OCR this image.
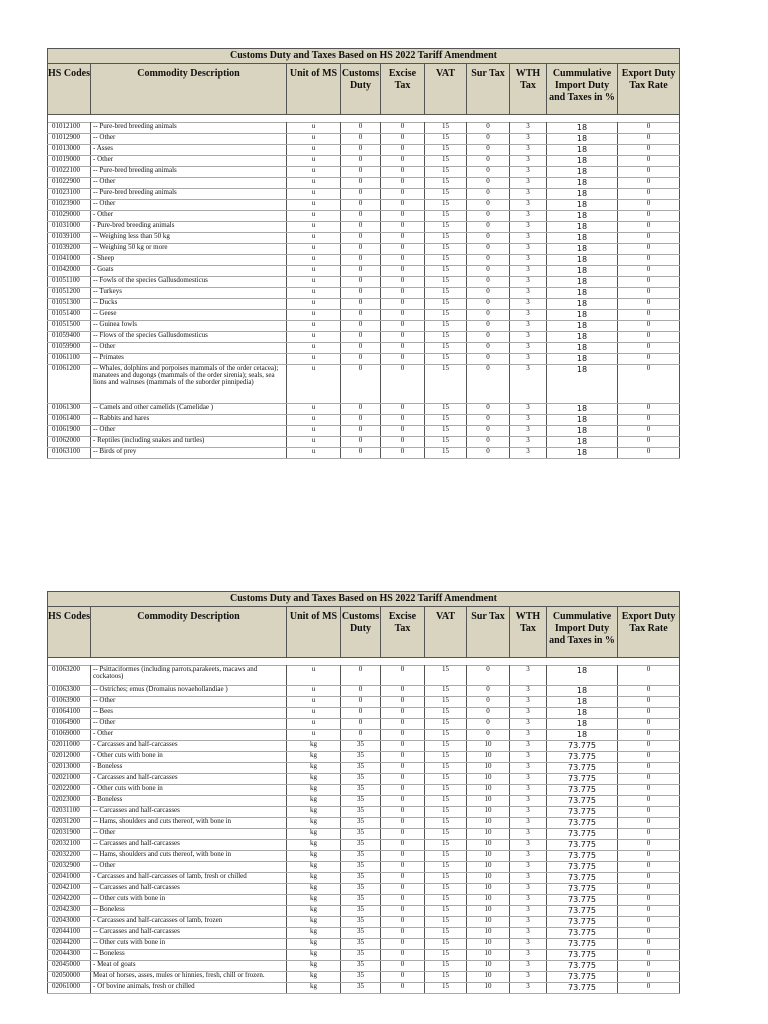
Customs Duty and Taxes Based on HS 2022 Tariff Amendment									
HS Codes	Commodity Description	Unit of MS	Customs Duty	Excise Tax	VAT	Sur Tax	WTH Tax	Cummulative Import Duty and Taxes in %	Export Duty Tax Rate

01012100	-- Pure-bred breeding animals	u	0	0	15	0	3	18	0
01012900	-- Other	u	0	0	15	0	3	18	0
01013000	- Asses	u	0	0	15	0	3	18	0
01019000	- Other	u	0	0	15	0	3	18	0
01022100	-- Pure-bred breeding animals	u	0	0	15	0	3	18	0
01022900	-- Other	u	0	0	15	0	3	18	0
01023100	-- Pure-bred breeding animals	u	0	0	15	0	3	18	0
01023900	-- Other	u	0	0	15	0	3	18	0
01029000	- Other	u	0	0	15	0	3	18	0
01031000	- Pure-bred breeding animals	u	0	0	15	0	3	18	0
01039100	-- Weighing less than 50 kg	u	0	0	15	0	3	18	0
01039200	-- Weighing 50 kg or more	u	0	0	15	0	3	18	0
01041000	- Sheep	u	0	0	15	0	3	18	0
01042000	- Goats	u	0	0	15	0	3	18	0
01051100	-- Fowls of the species Gallusdomesticus	u	0	0	15	0	3	18	0
01051200	-- Turkeys	u	0	0	15	0	3	18	0
01051300	-- Ducks	u	0	0	15	0	3	18	0
01051400	-- Geese	u	0	0	15	0	3	18	0
01051500	-- Guinea fowls	u	0	0	15	0	3	18	0
01059400	-- Flows of the species Gallusdomesticus	u	0	0	15	0	3	18	0
01059900	-- Other	u	0	0	15	0	3	18	0
01061100	-- Primates	u	0	0	15	0	3	18	0
01061200	-- Whales, dolphins and porpoises mammals of the order cetacea); manatees and dugongs (mammals of the order sirenia); seals, sea lions and walruses (mammals of the suborder pinnipedia)	u	0	0	15	0	3	18	0
01061300	-- Camels and other camelids (Camelidae )	u	0	0	15	0	3	18	0
01061400	-- Rabbits and hares	u	0	0	15	0	3	18	0
01061900	-- Other	u	0	0	15	0	3	18	0
01062000	- Reptiles (including snakes and turtles)	u	0	0	15	0	3	18	0
01063100	-- Birds of prey	u	0	0	15	0	3	18	0
Customs Duty and Taxes Based on HS 2022 Tariff Amendment									
HS Codes	Commodity Description	Unit of MS	Customs Duty	Excise Tax	VAT	Sur Tax	WTH Tax	Cummulative Import Duty and Taxes in %	Export Duty Tax Rate

01063200	-- Psittaciformes (including parrots,parakeets, macaws and cockatoos)	u	0	0	15	0	3	18	0
01063300	-- Ostriches; emus (Dromaius novaehollandiae )	u	0	0	15	0	3	18	0
01063900	-- Other	u	0	0	15	0	3	18	0
01064100	-- Bees	u	0	0	15	0	3	18	0
01064900	-- Other	u	0	0	15	0	3	18	0
01069000	- Other	u	0	0	15	0	3	18	0
02011000	- Carcasses and half-carcasses	kg	35	0	15	10	3	73.775	0
02012000	- Other cuts with bone in	kg	35	0	15	10	3	73.775	0
02013000	- Boneless	kg	35	0	15	10	3	73.775	0
02021000	- Carcasses and half-carcasses	kg	35	0	15	10	3	73.775	0
02022000	- Other cuts with bone in	kg	35	0	15	10	3	73.775	0
02023000	- Boneless	kg	35	0	15	10	3	73.775	0
02031100	-- Carcasses and half-carcasses	kg	35	0	15	10	3	73.775	0
02031200	-- Hams, shoulders and cuts thereof, with bone in	kg	35	0	15	10	3	73.775	0
02031900	-- Other	kg	35	0	15	10	3	73.775	0
02032100	-- Carcasses and half-carcasses	kg	35	0	15	10	3	73.775	0
02032200	-- Hams, shoulders and cuts thereof, with bone in	kg	35	0	15	10	3	73.775	0
02032900	-- Other	kg	35	0	15	10	3	73.775	0
02041000	- Carcasses and half-carcasses of lamb, fresh or chilled	kg	35	0	15	10	3	73.775	0
02042100	-- Carcasses and half-carcasses	kg	35	0	15	10	3	73.775	0
02042200	-- Other cuts with bone in	kg	35	0	15	10	3	73.775	0
02042300	-- Boneless	kg	35	0	15	10	3	73.775	0
02043000	- Carcasses and half-carcasses of lamb, frozen	kg	35	0	15	10	3	73.775	0
02044100	-- Carcasses and half-carcasses	kg	35	0	15	10	3	73.775	0
02044200	-- Other cuts with bone in	kg	35	0	15	10	3	73.775	0
02044300	-- Boneless	kg	35	0	15	10	3	73.775	0
02045000	- Meat of goats	kg	35	0	15	10	3	73.775	0
02050000	Meat of horses, asses, mules or hinnies, fresh, chill or frozen.	kg	35	0	15	10	3	73.775	0
02061000	- Of bovine animals, fresh or chilled	kg	35	0	15	10	3	73.775	0
